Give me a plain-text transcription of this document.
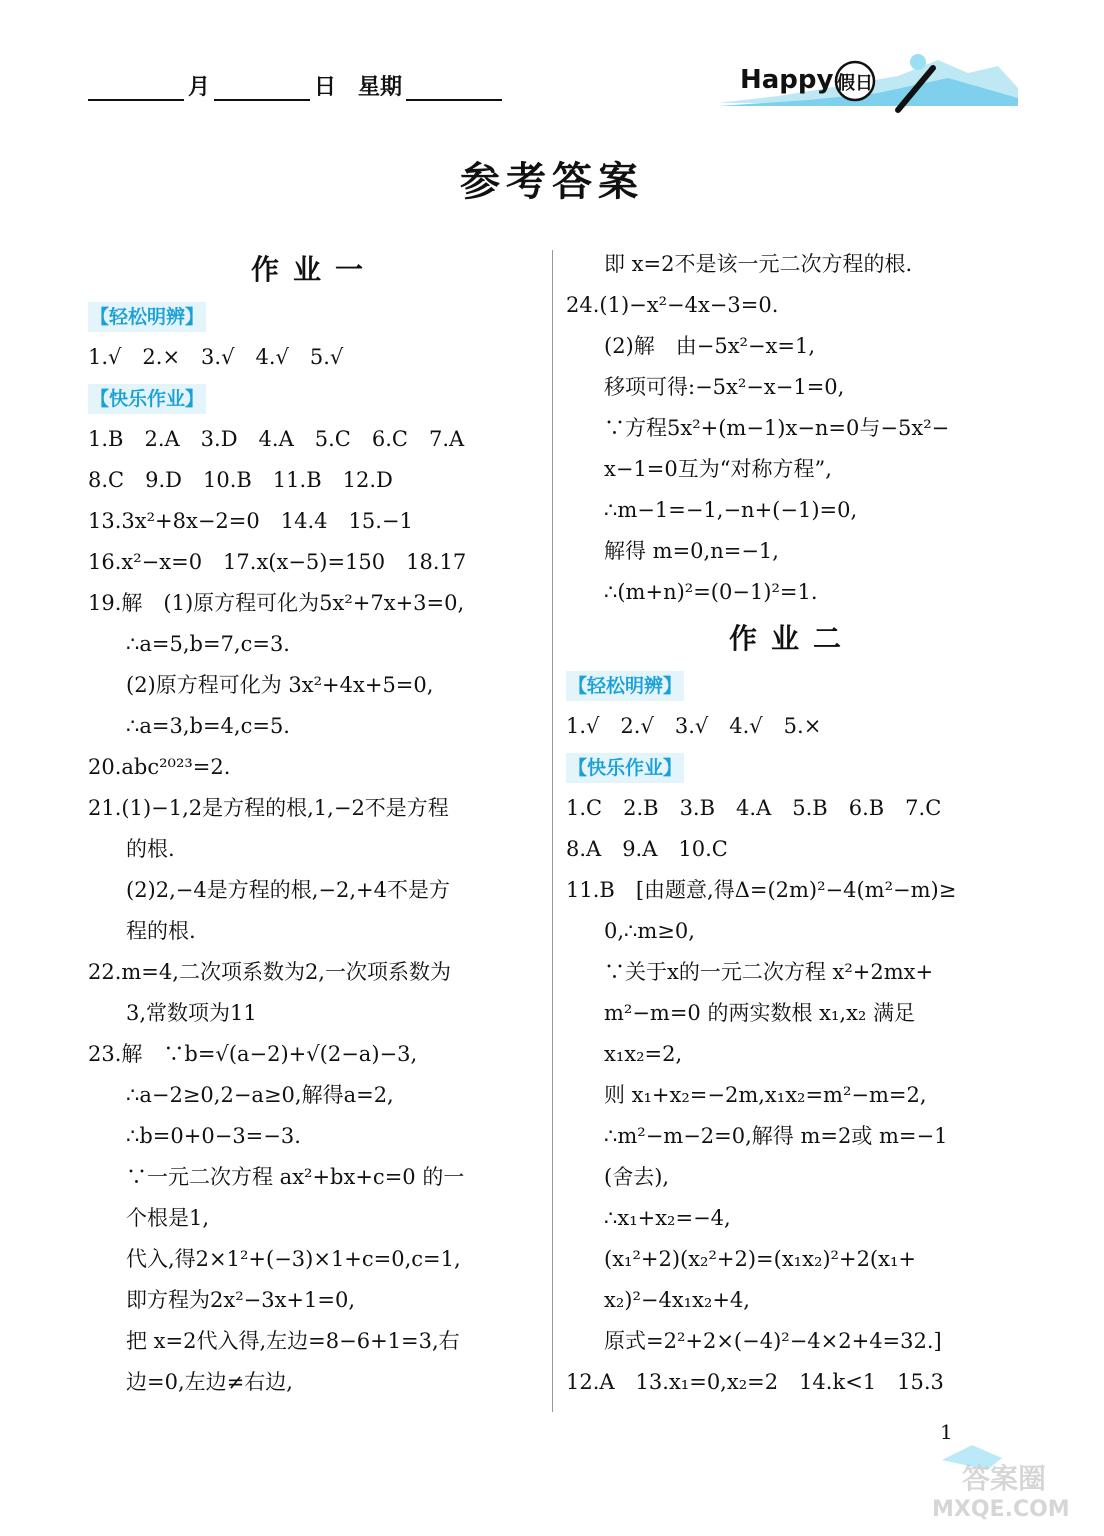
月	日 星期	Happy 假日
参考答案
作业一
【轻松明辨】
1.√　2.×　3.√　4.√　5.√
【快乐作业】
1.B　2.A　3.D　4.A　5.C　6.C　7.A
8.C　9.D　10.B　11.B　12.D
13.3x²+8x−2=0　14.4　15.−1
16.x²−x=0　17.x(x−5)=150　18.17
19.解　(1)原方程可化为5x²+7x+3=0,
∴a=5,b=7,c=3.
(2)原方程可化为 3x²+4x+5=0,
∴a=3,b=4,c=5.
20.abc²⁰²³=2.
21.(1)−1,2是方程的根,1,−2不是方程
的根.
(2)2,−4是方程的根,−2,+4不是方
程的根.
22.m=4,二次项系数为2,一次项系数为
3,常数项为11
23.解　∵b=√(a−2)+√(2−a)−3,
∴a−2≥0,2−a≥0,解得a=2,
∴b=0+0−3=−3.
∵一元二次方程 ax²+bx+c=0 的一
个根是1,
代入,得2×1²+(−3)×1+c=0,c=1,
即方程为2x²−3x+1=0,
把 x=2代入得,左边=8−6+1=3,右
边=0,左边≠右边,
即 x=2不是该一元二次方程的根.
24.(1)−x²−4x−3=0.
(2)解　由−5x²−x=1,
移项可得:−5x²−x−1=0,
∵方程5x²+(m−1)x−n=0与−5x²−
x−1=0互为“对称方程”,
∴m−1=−1,−n+(−1)=0,
解得 m=0,n=−1,
∴(m+n)²=(0−1)²=1.
作业二
【轻松明辨】
1.√　2.√　3.√　4.√　5.×
【快乐作业】
1.C　2.B　3.B　4.A　5.B　6.B　7.C
8.A　9.A　10.C
11.B　[由题意,得Δ=(2m)²−4(m²−m)≥
0,∴m≥0,
∵关于x的一元二次方程 x²+2mx+
m²−m=0 的两实数根 x₁,x₂ 满足
x₁x₂=2,
则 x₁+x₂=−2m,x₁x₂=m²−m=2,
∴m²−m−2=0,解得 m=2或 m=−1
(舍去),
∴x₁+x₂=−4,
(x₁²+2)(x₂²+2)=(x₁x₂)²+2(x₁+
x₂)²−4x₁x₂+4,
原式=2²+2×(−4)²−4×2+4=32.]
12.A　13.x₁=0,x₂=2　14.k<1　15.3
1
答案圈
MXQE.COM
